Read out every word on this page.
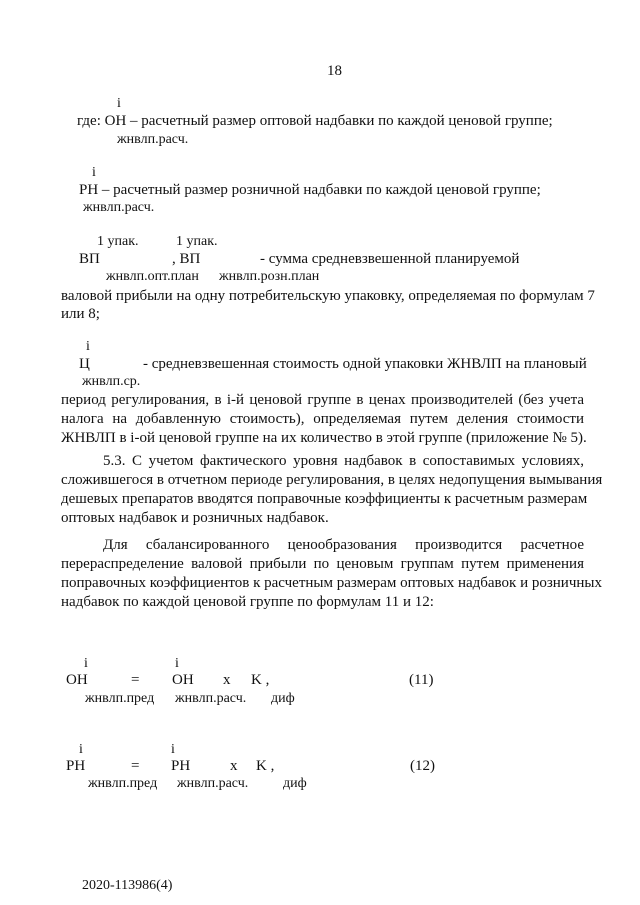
18
i
где: ОН – расчетный размер оптовой надбавки по каждой ценовой группе;
жнвлп.расч.
i
РН – расчетный размер розничной надбавки по каждой ценовой группе;
жнвлп.расч.
1 упак.	1 упак.
ВП	, ВП	- сумма средневзвешенной планируемой
жнвлп.опт.план жнвлп.розн.план
валовой прибыли на одну потребительскую упаковку, определяемая по формулам 7
или 8;
i
Ц	- средневзвешенная стоимость одной упаковки ЖНВЛП на плановый
жнвлп.ср.
период регулирования, в i-й ценовой группе в ценах производителей (без учета
налога на добавленную стоимость), определяемая путем деления стоимости
ЖНВЛП в i-ой ценовой группе на их количество в этой группе (приложение № 5).
5.3. С учетом фактического уровня надбавок в сопоставимых условиях,
сложившегося в отчетном периоде регулирования, в целях недопущения вымывания
дешевых препаратов вводятся поправочные коэффициенты к расчетным размерам
оптовых надбавок и розничных надбавок.
Для сбалансированного ценообразования производится расчетное
перераспределение валовой прибыли по ценовым группам путем применения
поправочных коэффициентов к расчетным размерам оптовых надбавок и розничных
надбавок по каждой ценовой группе по формулам 11 и 12:
i	i
ОН	= ОН x K ,	(11)
жнвлп.пред жнвлп.расч. диф
i	i
РН	= РН	x K ,	(12)
жнвлп.пред жнвлп.расч. диф
2020-113986(4)
